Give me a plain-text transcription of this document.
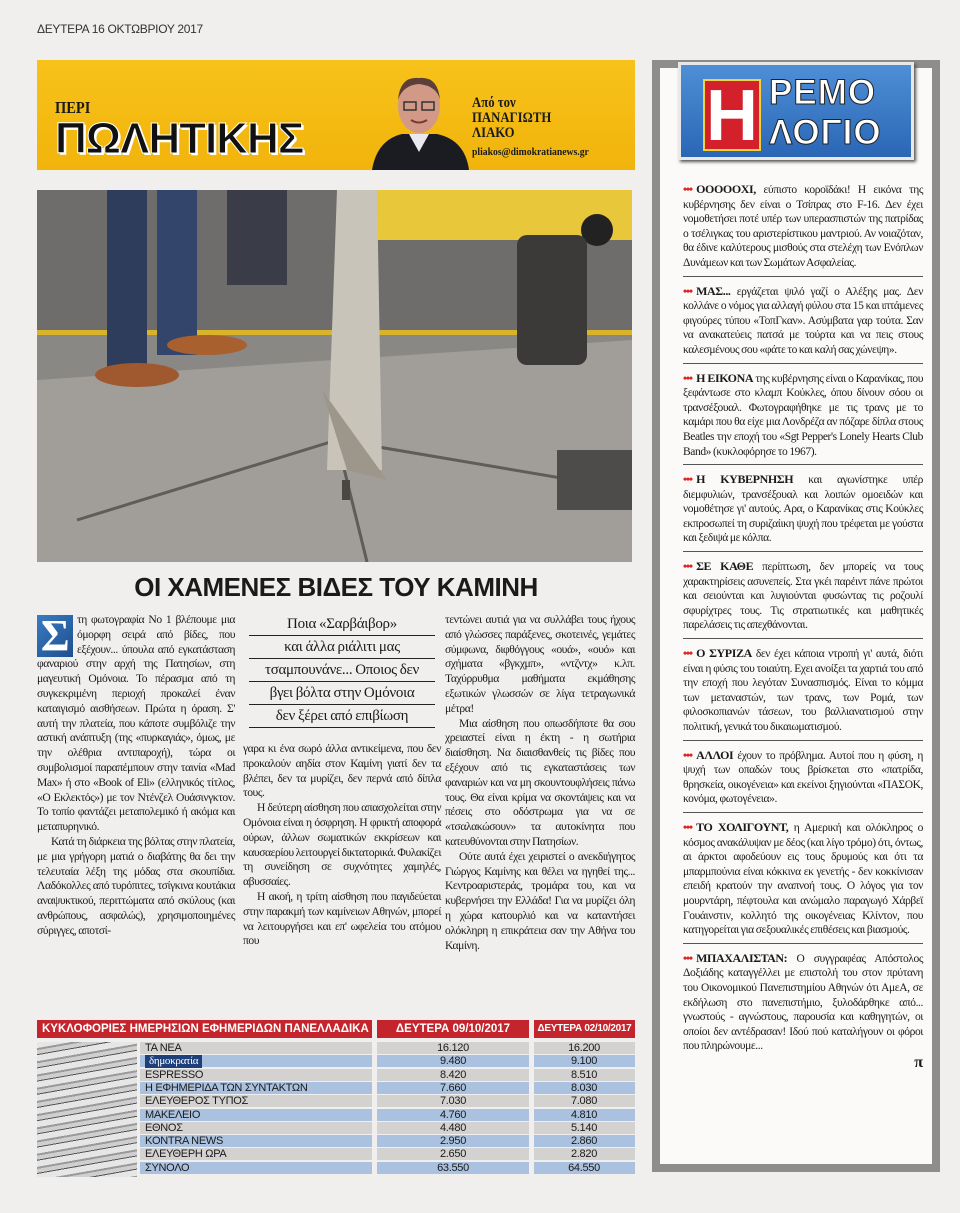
ΔΕΥΤΕΡΑ 16 ΟΚΤΩΒΡΙΟΥ 2017
ΠΕΡΙ
ΠΩΛΗΤΙΚΗΣ
Από τον
ΠΑΝΑΓΙΩΤΗ
ΛΙΑΚΟ
pliakos@dimokratianews.gr
ΟΙ ΧΑΜΕΝΕΣ ΒΙΔΕΣ ΤΟΥ ΚΑΜΙΝΗ

Σ τη φωτογραφία Νο 1 βλέπουμε μια όμορφη σειρά από βίδες, που εξέχουν... ύπουλα από εγκατάσταση φαναριού στην αρχή της Πατησίων, στη μαγευτική Ομόνοια. Το πέρασμα από τη συγκεκριμένη περιοχή προκαλεί έναν καταιγισμό αισθήσεων. Πρώτα η όραση. Σ' αυτή την πλατεία, που κάποτε συμβόλιζε την αστική ανάπτυξη (της «πυρκαγιάς», όμως, με την ολέθρια αντιπαροχή), τώρα οι συμβολισμοί παραπέμπουν στην ταινία «Mad Max» ή στο «Book of Eli» (ελληνικός τίτλος, «Ο Εκλεκτός») με τον Ντένζελ Ουάσινγκτον. Το τοπίο φαντάζει μεταπολεμικό ή ακόμα και μεταπυρηνικό.

Κατά τη διάρκεια της βόλτας στην πλατεία, με μια γρήγορη ματιά ο διαβάτης θα δει την τελευταία λέξη της μόδας στα σκουπίδια. Λαδόκολλες από τυρόπιτες, τσίγκινα κουτάκια αναψυκτικού, περιττώματα από σκύλους (και ανθρώπους, ασφαλώς), χρησιμοποιημένες σύριγγες, αποτσί-

Ποια «Σαρβάιβορ»
και άλλα ριάλιτι μας
τσαμπουνάνε... Οποιος δεν
βγει βόλτα στην Ομόνοια
δεν ξέρει από επιβίωση

γαρα κι ένα σωρό άλλα αντικείμενα, που δεν προκαλούν αηδία στον Καμίνη γιατί δεν τα βλέπει, δεν τα μυρίζει, δεν περνά από δίπλα τους.

Η δεύτερη αίσθηση που απασχολείται στην Ομόνοια είναι η όσφρηση. Η φρικτή αποφορά ούρων, άλλων σωματικών εκκρίσεων και καυσαερίου λειτουργεί δικτατορικά. Φυλακίζει τη συνείδηση σε συχνότητες χαμηλές, αβυσσαίες.

Η ακοή, η τρίτη αίσθηση που παγιδεύεται στην παρακμή των καμίνειων Αθηνών, μπορεί να λειτουργήσει και επ' ωφελεία του ατόμου που

τεντώνει αυτιά για να συλλάβει τους ήχους από γλώσσες παράξενες, σκοτεινές, γεμάτες σύμφωνα, διφθόγγους «ουά», «ουό» και σχήματα «βγκχμπ», «ντζντχ» κ.λπ. Ταχύρρυθμα μαθήματα εκμάθησης εξωτικών γλωσσών σε λίγα τετραγωνικά μέτρα!

Μια αίσθηση που οπωσδήποτε θα σου χρειαστεί είναι η έκτη - η σωτήρια διαίσθηση. Να διαισθανθείς τις βίδες που εξέχουν από τις εγκαταστάσεις των φαναριών και να μη σκουντουφλήσεις πάνω τους. Θα είναι κρίμα να σκοντάψεις και να πέσεις στο οδόστρωμα για να σε «τσαλακώσουν» τα αυτοκίνητα που κατευθύνονται στην Πατησίων.

Ούτε αυτά έχει χειριστεί ο ανεκδιήγητος Γιώργος Καμίνης και θέλει να ηγηθεί της... Κεντροαριστεράς, τρομάρα του, και να κυβερνήσει την Ελλάδα! Για να μυρίζει όλη η χώρα κατουρλιό και να καταντήσει ολόκληρη η επικράτεια σαν την Αθήνα του Καμίνη.

ΚΥΚΛΟΦΟΡΙΕΣ ΗΜΕΡΗΣΙΩΝ ΕΦΗΜΕΡΙΔΩΝ ΠΑΝΕΛΛΑΔΙΚΑ	ΔΕΥΤΕΡΑ 09/10/2017	ΔΕΥΤΕΡΑ 02/10/2017
ΤΑ ΝΕΑ	16.120	16.200
δημοκρατία	9.480	9.100
ESPRESSO	8.420	8.510
Η ΕΦΗΜΕΡΙΔΑ ΤΩΝ ΣΥΝΤΑΚΤΩΝ	7.660	8.030
ΕΛΕΥΘΕΡΟΣ ΤΥΠΟΣ	7.030	7.080
ΜΑΚΕΛΕΙΟ	4.760	4.810
ΕΘΝΟΣ	4.480	5.140
KONTRA NEWS	2.950	2.860
ΕΛΕΥΘΕΡΗ ΩΡΑ	2.650	2.820
ΣΥΝΟΛΟ	63.550	64.550
Η ΡΕΜΟ
ΛΟΓΙΟ
••• ΟΟΟΟΟΧΙ, εύπιστο κοροϊδάκι! Η εικόνα της κυβέρνησης δεν είναι ο Τσίπρας στο F-16. Δεν έχει νομοθετήσει ποτέ υπέρ των υπερασπιστών της πατρίδας ο τσέλιγκας του αριστερίστικου μαντριού. Αν νοιαζόταν, θα έδινε καλύτερους μισθούς στα στελέχη των Ενόπλων Δυνάμεων και των Σωμάτων Ασφαλείας.
••• ΜΑΣ... εργάζεται ψιλό γαζί ο Αλέξης μας. Δεν κολλάνε ο νόμος για αλλαγή φύλου στα 15 και ιπτάμενες φιγούρες τύπου «ΤοπΓκαν». Ασύμβατα γαρ τούτα. Σαν να ανακατεύεις πατσά με τούρτα και να πεις στους καλεσμένους σου «φάτε το και καλή σας χώνεψη».
••• Η ΕΙΚΟΝΑ της κυβέρνησης είναι ο Καρανίκας, που ξεφάντωσε στο κλαμπ Κούκλες, όπου δίνουν σόου οι τρανσέξουαλ. Φωτογραφήθηκε με τις τρανς με το καμάρι που θα είχε μια Λονδρέζα αν πόζαρε δίπλα στους Beatles την εποχή του «Sgt Pepper's Lonely Hearts Club Band» (κυκλοφόρησε το 1967).
••• Η ΚΥΒΕΡΝΗΣΗ και αγωνίστηκε υπέρ διεμφυλιών, τρανσέξουαλ και λοιπών ομοειδών και νομοθέτησε γι' αυτούς. Αρα, ο Καρανίκας στις Κούκλες εκπροσωπεί τη συριζαίικη ψυχή που τρέφεται με γούστα και ξεδιψά με κόλπα.
••• ΣΕ ΚΑΘΕ περίπτωση, δεν μπορείς να τους χαρακτηρίσεις ασυνεπείς. Στα γκέι παρέιντ πάνε πρώτοι και σειούνται και λυγιούνται φυσώντας τις ροζουλί σφυρίχτρες τους. Τις στρατιωτικές και μαθητικές παρελάσεις τις απεχθάνονται.
••• Ο ΣΥΡΙΖΑ δεν έχει κάποια ντροπή γι' αυτά, διότι είναι η φύσις του τοιαύτη. Εχει ανοίξει τα χαρτιά του από την εποχή που λεγόταν Συνασπισμός. Είναι το κόμμα των μεταναστών, των τρανς, των Ρομά, των φιλοσκοπιανών τάσεων, του βαλλιανατισμού στην πολιτική, γενικά του δικαιωματισμού.
••• ΑΛΛΟΙ έχουν το πρόβλημα. Αυτοί που η φύση, η ψυχή των οπαδών τους βρίσκεται στο «πατρίδα, θρησκεία, οικογένεια» και εκείνοι ξηγιούνται «ΠΑΣΟΚ, κονόμα, φωτογένεια».
••• ΤΟ ΧΟΛΙΓΟΥΝΤ, η Αμερική και ολόκληρος ο κόσμος ανακάλυψαν με δέος (και λίγο τρόμο) ότι, όντως, αι άρκτοι αφοδεύουν εις τους δρυμούς και ότι τα μπαρμπούνια είναι κόκκινα εκ γενετής - δεν κοκκίνισαν επειδή κρατούν την αναπνοή τους. Ο λόγος για τον μουρντάρη, πέφτουλα και ανώμαλο παραγωγό Χάρβεϊ Γουάινστιν, κολλητό της οικογένειας Κλίντον, που κατηγορείται για σεξουαλικές επιθέσεις και βιασμούς.
••• ΜΠΑΧΑΛΙΣΤΑΝ: Ο συγγραφέας Απόστολος Δοξιάδης καταγγέλλει με επιστολή του στον πρύτανη του Οικονομικού Πανεπιστημίου Αθηνών ότι ΑμεΑ, σε εκδήλωση στο πανεπιστήμιο, ξυλοδάρθηκε από... γνωστούς - αγνώστους, παρουσία και καθηγητών, οι οποίοι δεν αντέδρασαν! Ιδού πού καταλήγουν οι φόροι που πληρώνουμε...
π
